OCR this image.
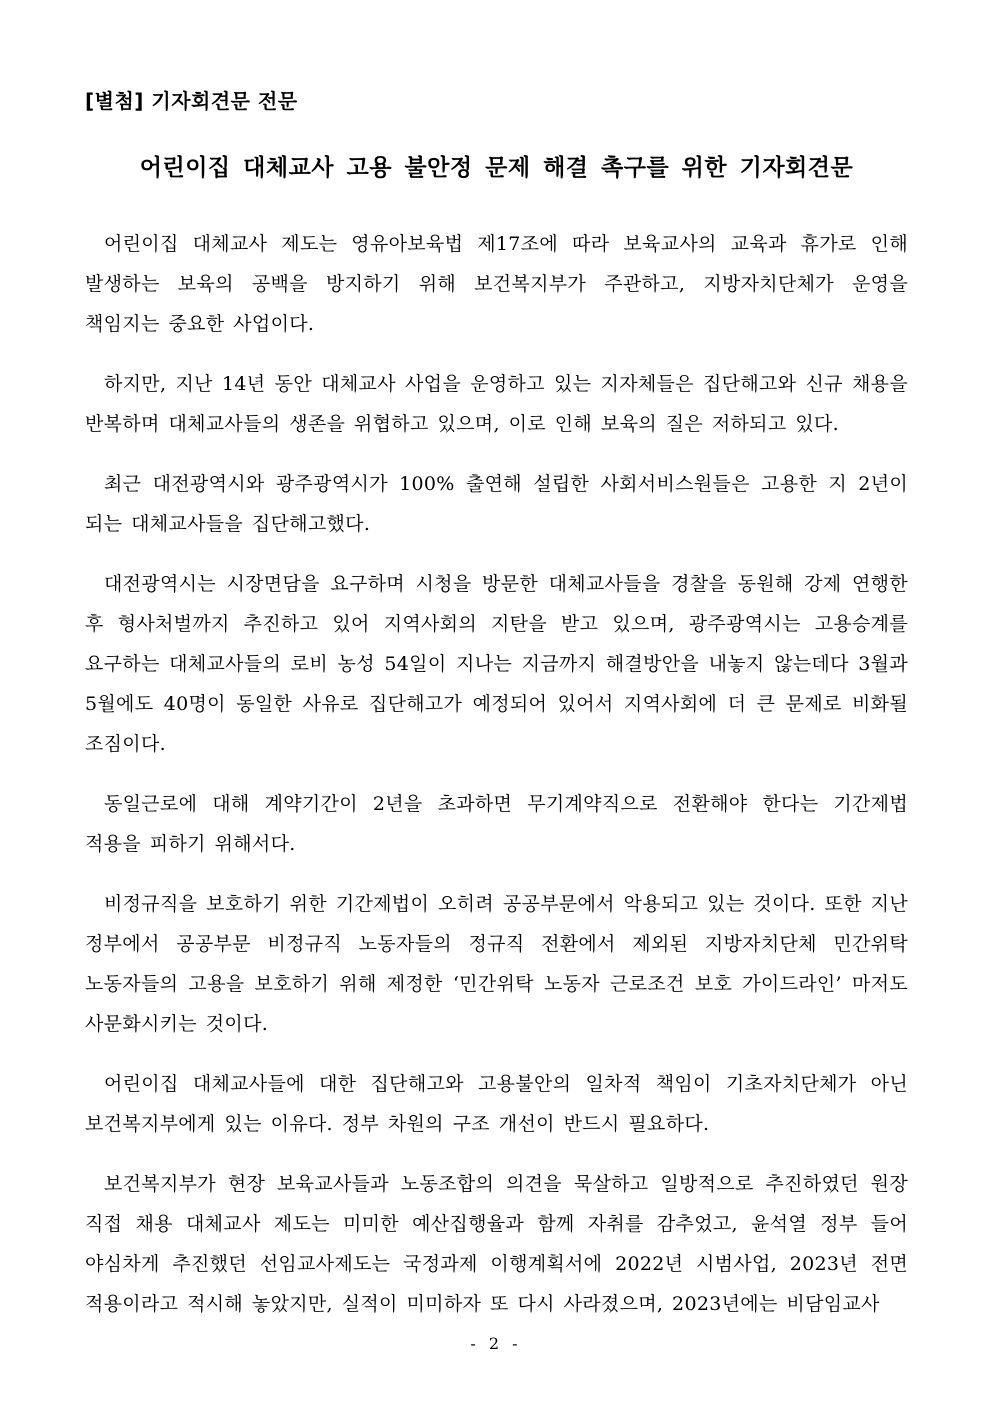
[별첨] 기자회견문 전문
어린이집 대체교사 고용 불안정 문제 해결 촉구를 위한 기자회견문

어린이집 대체교사 제도는 영유아보육법 제17조에 따라 보육교사의 교육과 휴가로 인해 발생하는 보육의 공백을 방지하기 위해 보건복지부가 주관하고, 지방자치단체가 운영을 책임지는 중요한 사업이다.

하지만, 지난 14년 동안 대체교사 사업을 운영하고 있는 지자체들은 집단해고와 신규 채용을 반복하며 대체교사들의 생존을 위협하고 있으며, 이로 인해 보육의 질은 저하되고 있다.

최근 대전광역시와 광주광역시가 100% 출연해 설립한 사회서비스원들은 고용한 지 2년이 되는 대체교사들을 집단해고했다.

대전광역시는 시장면담을 요구하며 시청을 방문한 대체교사들을 경찰을 동원해 강제 연행한 후 형사처벌까지 추진하고 있어 지역사회의 지탄을 받고 있으며, 광주광역시는 고용승계를 요구하는 대체교사들의 로비 농성 54일이 지나는 지금까지 해결방안을 내놓지 않는데다 3월과 5월에도 40명이 동일한 사유로 집단해고가 예정되어 있어서 지역사회에 더 큰 문제로 비화될 조짐이다.

동일근로에 대해 계약기간이 2년을 초과하면 무기계약직으로 전환해야 한다는 기간제법 적용을 피하기 위해서다.

비정규직을 보호하기 위한 기간제법이 오히려 공공부문에서 악용되고 있는 것이다. 또한 지난 정부에서 공공부문 비정규직 노동자들의 정규직 전환에서 제외된 지방자치단체 민간위탁 노동자들의 고용을 보호하기 위해 제정한 ‘민간위탁 노동자 근로조건 보호 가이드라인’ 마저도 사문화시키는 것이다.

어린이집 대체교사들에 대한 집단해고와 고용불안의 일차적 책임이 기초자치단체가 아닌 보건복지부에게 있는 이유다. 정부 차원의 구조 개선이 반드시 필요하다.

보건복지부가 현장 보육교사들과 노동조합의 의견을 묵살하고 일방적으로 추진하였던 원장 직접 채용 대체교사 제도는 미미한 예산집행율과 함께 자취를 감추었고, 윤석열 정부 들어 야심차게 추진했던 선임교사제도는 국정과제 이행계획서에 2022년 시범사업, 2023년 전면 적용이라고 적시해 놓았지만, 실적이 미미하자 또 다시 사라졌으며, 2023년에는 비담임교사

- 2 -
